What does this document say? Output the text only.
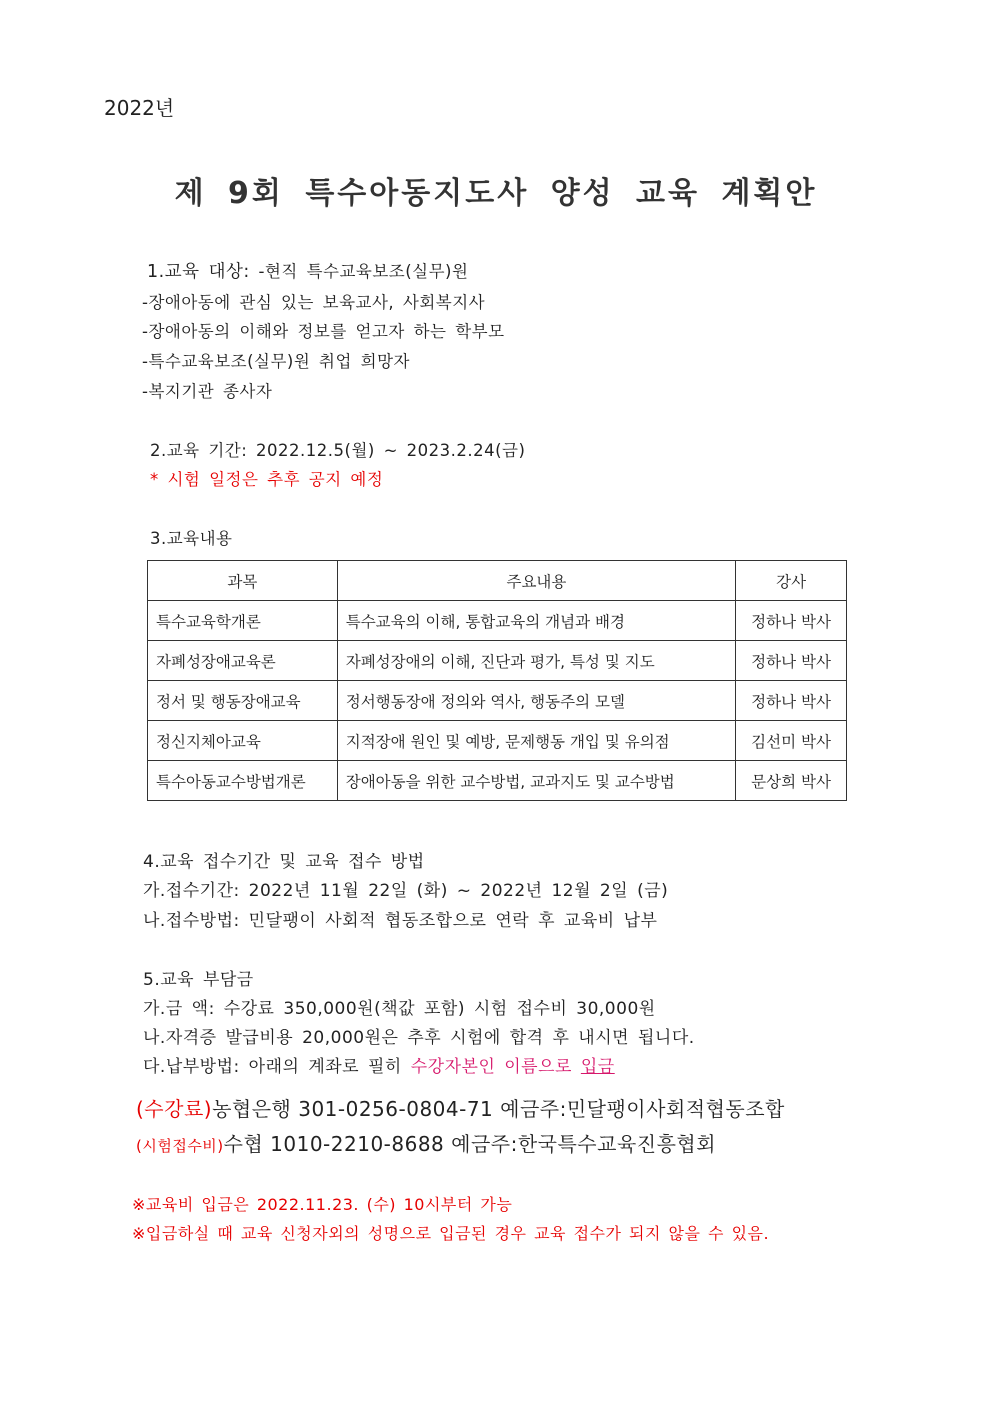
2022년
제 9회 특수아동지도사 양성 교육 계획안
1.교육 대상: -현직 특수교육보조(실무)원
-장애아동에 관심 있는 보육교사, 사회복지사
-장애아동의 이해와 정보를 얻고자 하는 학부모
-특수교육보조(실무)원 취업 희망자
-복지기관 종사자
2.교육 기간: 2022.12.5(월) ~ 2023.2.24(금)
* 시험 일정은 추후 공지 예정
3.교육내용
과목	주요내용	강사
특수교육학개론	특수교육의 이해, 통합교육의 개념과 배경	정하나 박사
자폐성장애교육론	자폐성장애의 이해, 진단과 평가, 특성 및 지도	정하나 박사
정서 및 행동장애교육	정서행동장애 정의와 역사, 행동주의 모델	정하나 박사
정신지체아교육	지적장애 원인 및 예방, 문제행동 개입 및 유의점	김선미 박사
특수아동교수방법개론	장애아동을 위한 교수방법, 교과지도 및 교수방법	문상희 박사
4.교육 접수기간 및 교육 접수 방법
가.접수기간: 2022년 11월 22일 (화) ~ 2022년 12월 2일 (금)
나.접수방법: 민달팽이 사회적 협동조합으로 연락 후 교육비 납부
5.교육 부담금
가.금 액: 수강료 350,000원(책값 포함) 시험 접수비 30,000원
나.자격증 발급비용 20,000원은 추후 시험에 합격 후 내시면 됩니다.
다.납부방법: 아래의 계좌로 필히 수강자본인 이름으로 입금
(수강료)농협은행 301-0256-0804-71 예금주:민달팽이사회적협동조합
(시험접수비)수협 1010-2210-8688 예금주:한국특수교육진흥협회
※교육비 입금은 2022.11.23. (수) 10시부터 가능
※입금하실 때 교육 신청자외의 성명으로 입금된 경우 교육 접수가 되지 않을 수 있음.
